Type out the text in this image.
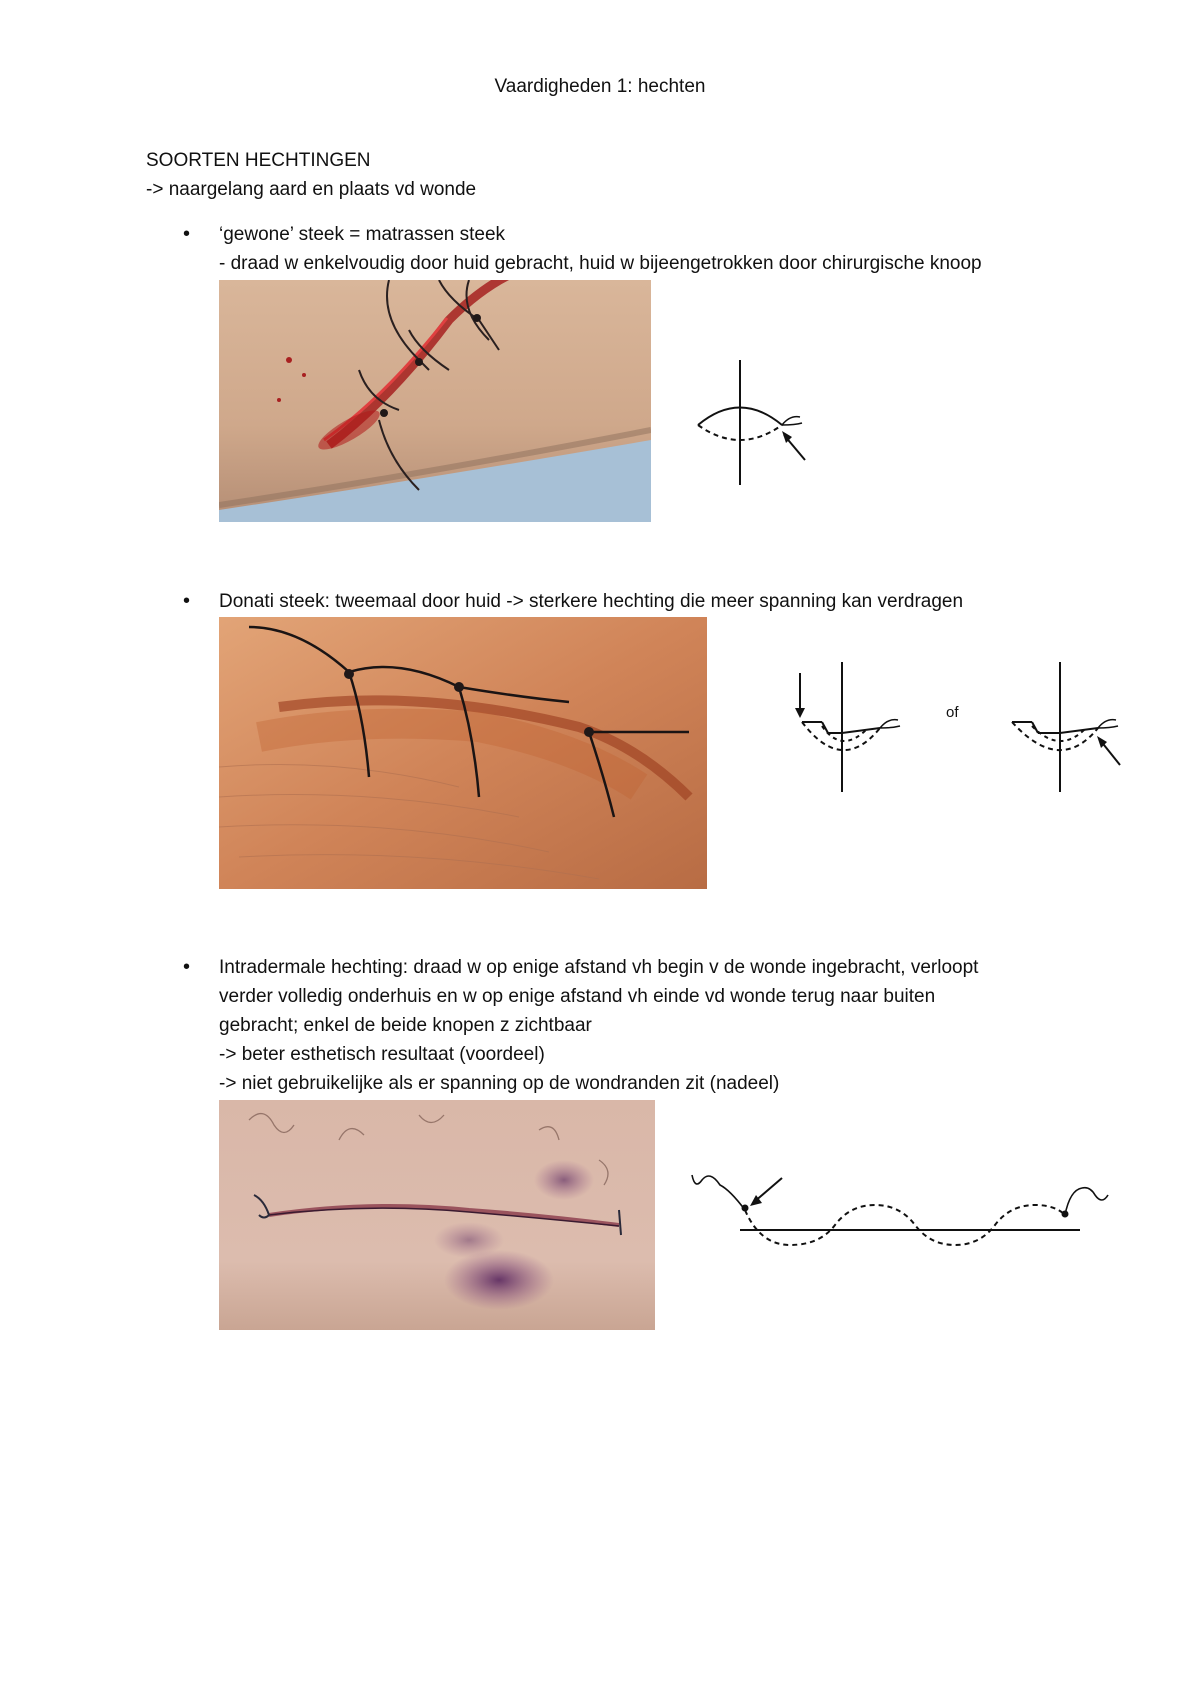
Vaardigheden 1: hechten
SOORTEN HECHTINGEN
-> naargelang aard en plaats vd wonde
• ‘gewone’ steek = matrassen steek
- draad w enkelvoudig door huid gebracht, huid w bijeengetrokken door chirurgische knoop
• Donati steek: tweemaal door huid -> sterkere hechting die meer spanning kan verdragen
of
• Intradermale hechting: draad w op enige afstand vh begin v de wonde ingebracht, verloopt
verder volledig onderhuis en w op enige afstand vh einde vd wonde terug naar buiten
gebracht; enkel de beide knopen z zichtbaar
-> beter esthetisch resultaat (voordeel)
-> niet gebruikelijke als er spanning op de wondranden zit (nadeel)
